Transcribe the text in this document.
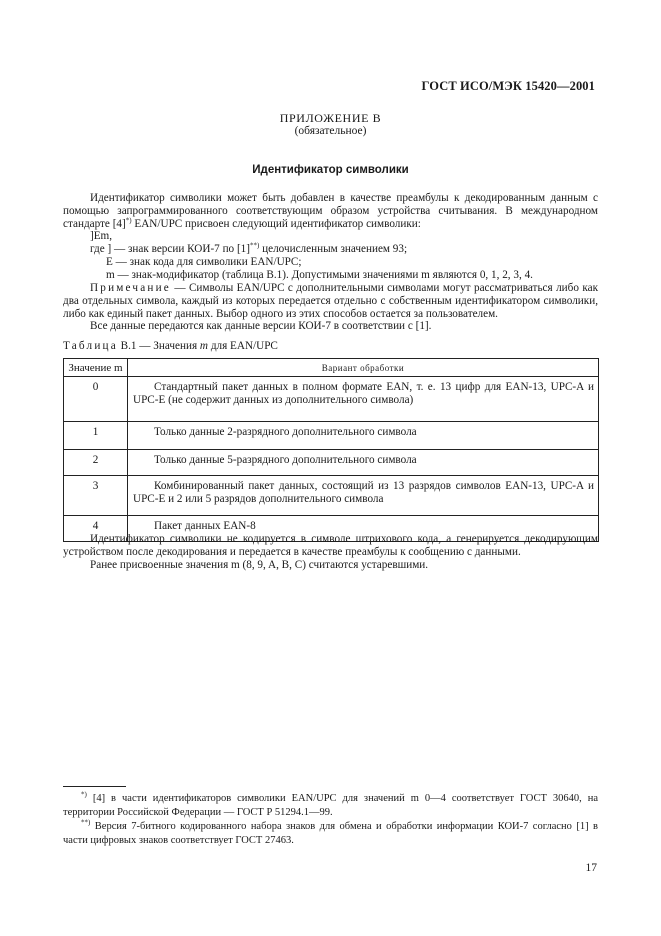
ГОСТ ИСО/МЭК 15420—2001
ПРИЛОЖЕНИЕ В
(обязательное)
Идентификатор символики
Идентификатор символики может быть добавлен в качестве преамбулы к декодированным данным с помощью запрограммированного соответствующим образом устройства считывания. В международном стандарте [4]*) EAN/UPC присвоен следующий идентификатор символики:
]Em,
где ] — знак версии КОИ-7 по [1]**) целочисленным значением 93;
E — знак кода для символики EAN/UPC;
m — знак-модификатор (таблица В.1). Допустимыми значениями m являются 0, 1, 2, 3, 4.
Примечание — Символы EAN/UPC с дополнительными символами могут рассматриваться либо как два отдельных символа, каждый из которых передается отдельно с собственным идентификатором символики, либо как единый пакет данных. Выбор одного из этих способов остается за пользователем.
Все данные передаются как данные версии КОИ-7 в соответствии с [1].
Таблица В.1 — Значения m для EAN/UPC
Значение m	Вариант обработки
0	Стандартный пакет данных в полном формате EAN, т. е. 13 цифр для EAN-13, UPC-A и UPC-E (не содержит данных из дополнительного символа)
1	Только данные 2-разрядного дополнительного символа
2	Только данные 5-разрядного дополнительного символа
3	Комбинированный пакет данных, состоящий из 13 разрядов символов EAN-13, UPC-A и UPC-E и 2 или 5 разрядов дополнительного символа
4	Пакет данных EAN-8
Идентификатор символики не кодируется в символе штрихового кода, а генерируется декодирующим устройством после декодирования и передается в качестве преамбулы к сообщению с данными.
Ранее присвоенные значения m (8, 9, A, B, C) считаются устаревшими.
*) [4] в части идентификаторов символики EAN/UPC для значений m 0—4 соответствует ГОСТ 30640, на территории Российской Федерации — ГОСТ Р 51294.1—99.
**) Версия 7-битного кодированного набора знаков для обмена и обработки информации КОИ-7 согласно [1] в части цифровых знаков соответствует ГОСТ 27463.
17
